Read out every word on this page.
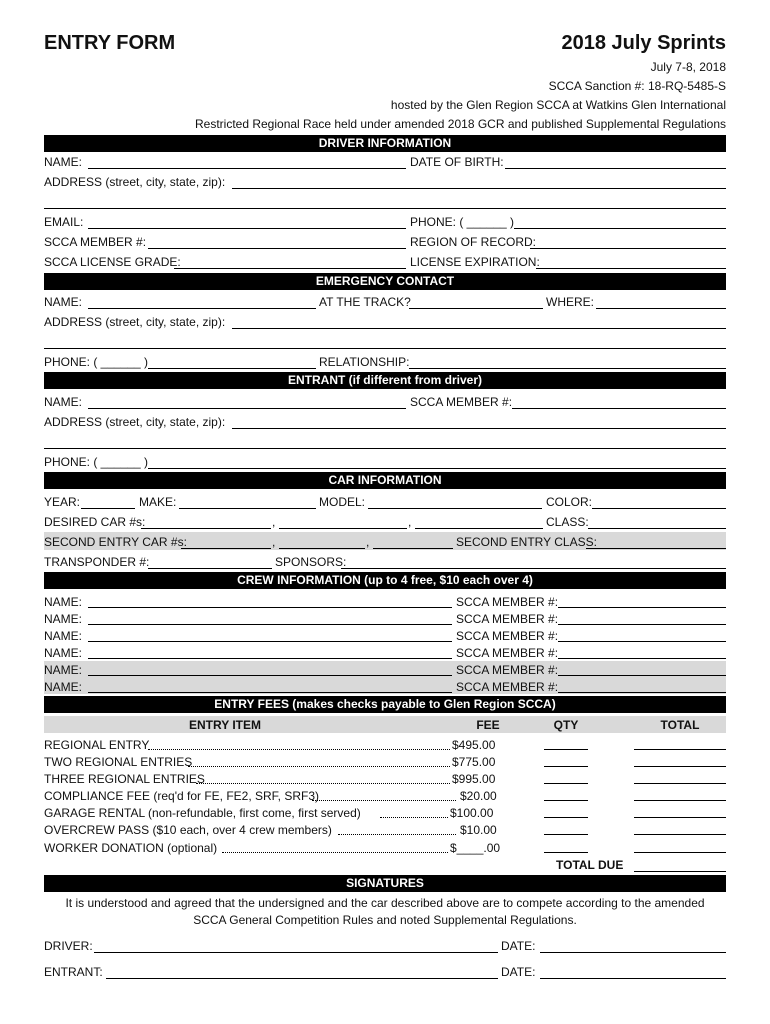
ENTRY FORM	2018 July Sprints
July 7-8, 2018
SCCA Sanction #: 18-RQ-5485-S
hosted by the Glen Region SCCA at Watkins Glen International
Restricted Regional Race held under amended 2018 GCR and published Supplemental Regulations
DRIVER INFORMATION
NAME:	DATE OF BIRTH:
ADDRESS (street, city, state, zip):
EMAIL:	PHONE: ( ______ )
SCCA MEMBER #:	REGION OF RECORD:
SCCA LICENSE GRADE:	LICENSE EXPIRATION:
EMERGENCY CONTACT
NAME:	AT THE TRACK?	WHERE:
ADDRESS (street, city, state, zip):
PHONE: ( ______ )	RELATIONSHIP:
ENTRANT (if different from driver)
NAME:	SCCA MEMBER #:
ADDRESS (street, city, state, zip):
PHONE: ( ______ )
CAR INFORMATION
YEAR:	MAKE:	MODEL:	COLOR:
DESIRED CAR #s:	,	,	CLASS:
SECOND ENTRY CAR #s:	,	,	SECOND ENTRY CLASS:
TRANSPONDER #:	SPONSORS:
CREW INFORMATION (up to 4 free, $10 each over 4)
NAME:	SCCA MEMBER #:
NAME:	SCCA MEMBER #:
NAME:	SCCA MEMBER #:
NAME:	SCCA MEMBER #:
NAME:	SCCA MEMBER #:
NAME:	SCCA MEMBER #:
ENTRY FEES (makes checks payable to Glen Region SCCA)
ENTRY ITEM	FEE	QTY	TOTAL
REGIONAL ENTRY	$495.00
TWO REGIONAL ENTRIES	$775.00
THREE REGIONAL ENTRIES	$995.00
COMPLIANCE FEE (req'd for FE, FE2, SRF, SRF3)	$20.00
GARAGE RENTAL (non-refundable, first come, first served)	$100.00
OVERCREW PASS ($10 each, over 4 crew members)	$10.00
WORKER DONATION (optional)	$____.00
TOTAL DUE
SIGNATURES
It is understood and agreed that the undersigned and the car described above are to compete according to the amended
SCCA General Competition Rules and noted Supplemental Regulations.
DRIVER:	DATE:
ENTRANT:	DATE:
